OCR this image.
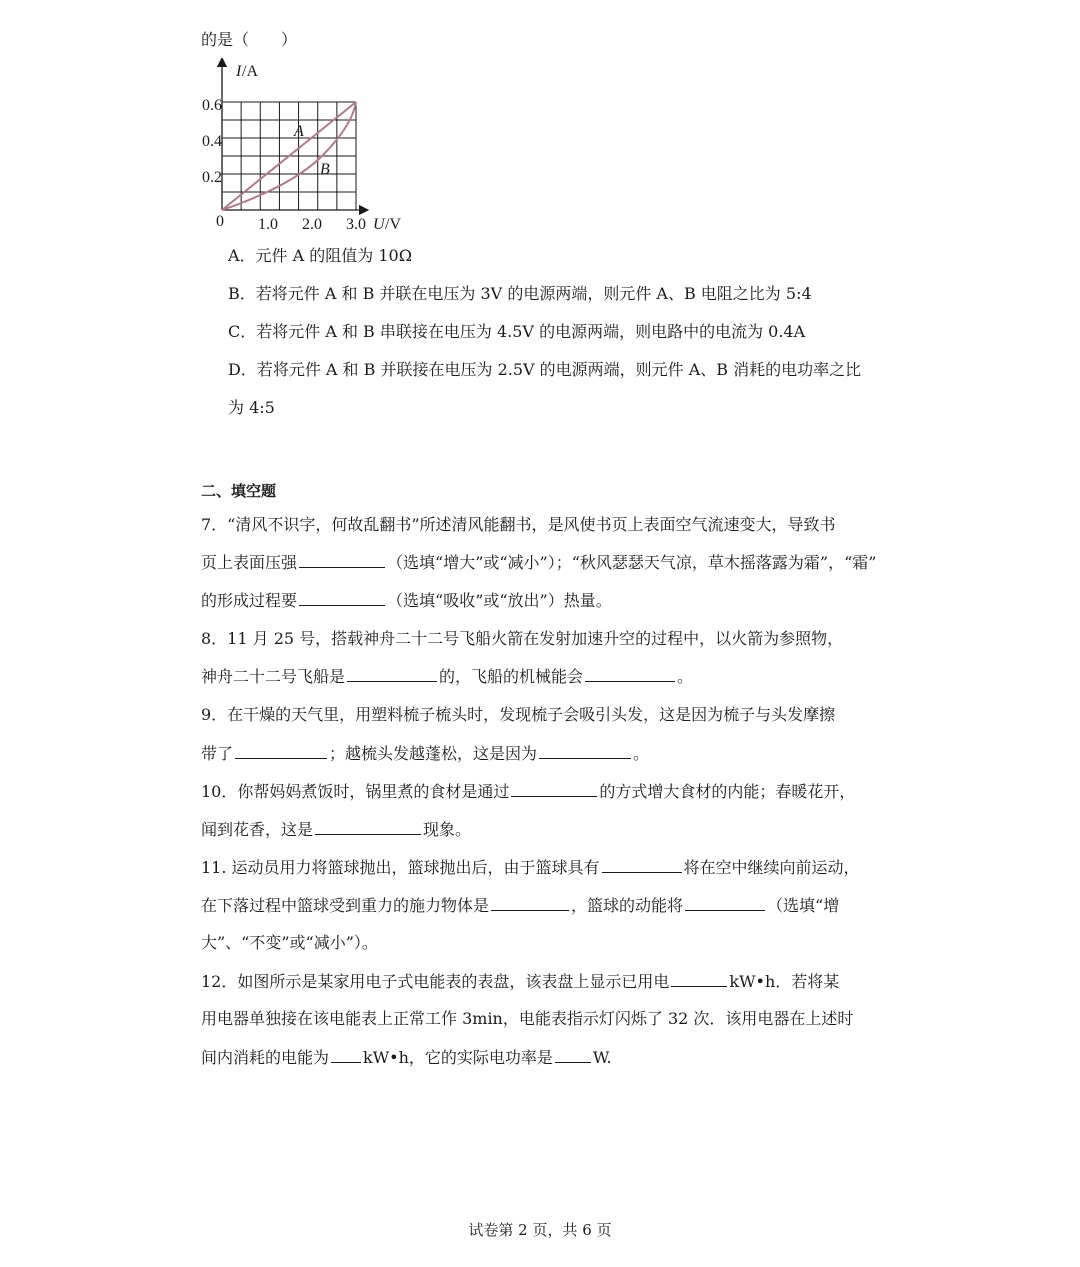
的是（　　）
I /A
0.6
0.4
0.2
0 1.0 2.0 3.0 U /V
A
B
A．元件 A 的阻值为 10Ω
B．若将元件 A 和 B 并联在电压为 3V 的电源两端，则元件 A、B 电阻之比为 5:4
C．若将元件 A 和 B 串联接在电压为 4.5V 的电源两端，则电路中的电流为 0.4A
D．若将元件 A 和 B 并联接在电压为 2.5V 的电源两端，则元件 A、B 消耗的电功率之比
为 4:5
二、填空题
7．“清风不识字，何故乱翻书”所述清风能翻书，是风使书页上表面空气流速变大，导致书
页上表面压强	（选填“增大”或“减小”）；“秋风瑟瑟天气凉，草木摇落露为霜”，“霜”
的形成过程要	（选填“吸收”或“放出”）热量。
8．11 月 25 号，搭载神舟二十二号飞船火箭在发射加速升空的过程中，以火箭为参照物，
神舟二十二号飞船是	的，飞船的机械能会	。
9．在干燥的天气里，用塑料梳子梳头时，发现梳子会吸引头发，这是因为梳子与头发摩擦
带了	；越梳头发越蓬松，这是因为	。
10．你帮妈妈煮饭时，锅里煮的食材是通过	的方式增大食材的内能；春暖花开，
闻到花香，这是	现象。
11. 运动员用力将篮球抛出，篮球抛出后，由于篮球具有	将在空中继续向前运动，
在下落过程中篮球受到重力的施力物体是	，篮球的动能将	（选填“增
大”、“不变”或“减小”）。
12．如图所示是某家用电子式电能表的表盘，该表盘上显示已用电	kW•h．若将某
用电器单独接在该电能表上正常工作 3min，电能表指示灯闪烁了 32 次．该用电器在上述时
间内消耗的电能为 kW•h，它的实际电功率是	W.
试卷第 2 页，共 6 页
